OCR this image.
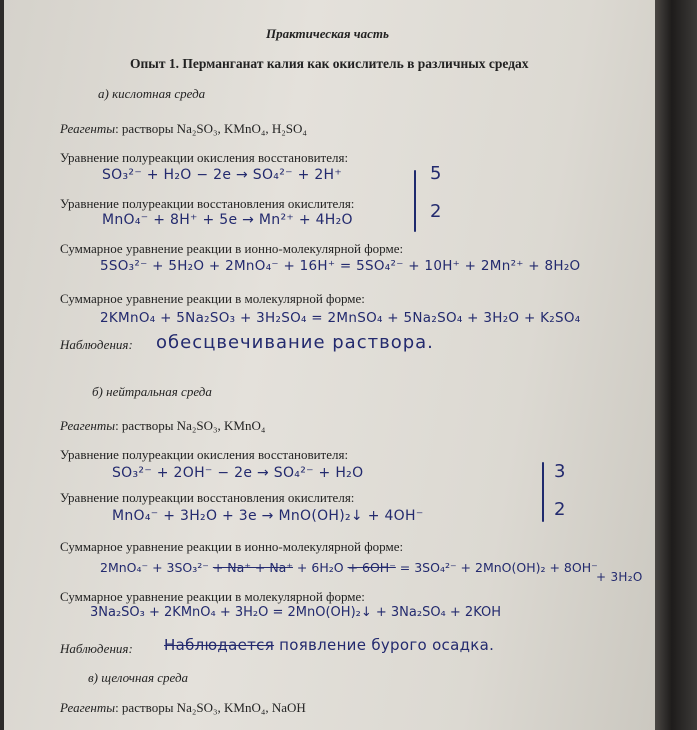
Практическая часть
Опыт 1. Перманганат калия как окислитель в различных средах
а) кислотная среда
Реагенты: растворы Na₂SO₃, KMnO₄, H₂SO₄
Уравнение полуреакции окисления восстановителя:
SO₃²⁻ + H₂O − 2e → SO₄²⁻ + 2H⁺	5
Уравнение полуреакции восстановления окислителя:
MnO₄⁻ + 8H⁺ + 5e → Mn²⁺ + 4H₂O	2
Суммарное уравнение реакции в ионно-молекулярной форме:
5SO₃²⁻ + 5H₂O + 2MnO₄⁻ + 16H⁺ = 5SO₄²⁻ + 10H⁺ + 2Mn²⁺ + 8H₂O
Суммарное уравнение реакции в молекулярной форме:
2KMnO₄ + 5Na₂SO₃ + 3H₂SO₄ = 2MnSO₄ + 5Na₂SO₄ + 3H₂O + K₂SO₄
Наблюдения: обесцвечивание раствора.
б) нейтральная среда
Реагенты: растворы Na₂SO₃, KMnO₄
Уравнение полуреакции окисления восстановителя:
SO₃²⁻ + 2OH⁻ − 2e → SO₄²⁻ + H₂O	3
Уравнение полуреакции восстановления окислителя:
MnO₄⁻ + 3H₂O + 3e → MnO(OH)₂↓ + 4OH⁻	2
Суммарное уравнение реакции в ионно-молекулярной форме:
2MnO₄⁻ + 3SO₃²⁻ + Na⁺ + Na⁺ + 6H₂O + 6OH⁻ = 3SO₄²⁻ + 2MnO(OH)₂ + 8OH⁻
+ 3H₂O
Суммарное уравнение реакции в молекулярной форме:
3Na₂SO₃ + 2KMnO₄ + 3H₂O = 2MnO(OH)₂↓ + 3Na₂SO₄ + 2KOH
Наблюдения: Наблюдается появление бурого осадка.
в) щелочная среда
Реагенты: растворы Na₂SO₃, KMnO₄, NaOH
